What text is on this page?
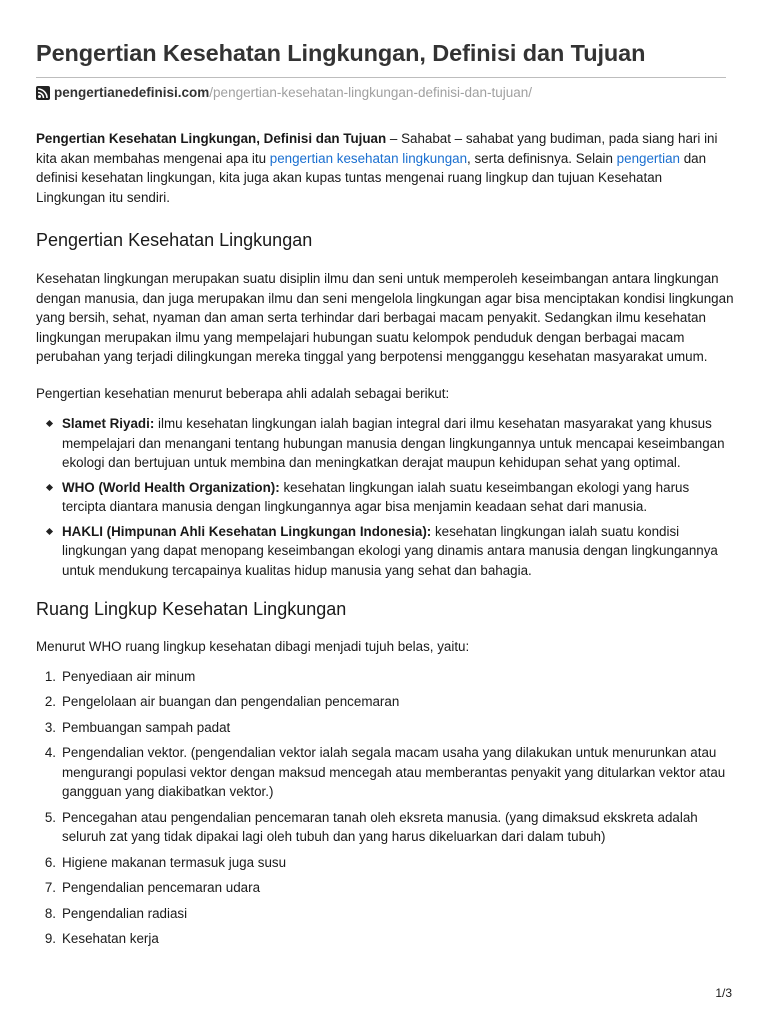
Pengertian Kesehatan Lingkungan, Definisi dan Tujuan
pengertianedefinisi.com /pengertian-kesehatan-lingkungan-definisi-dan-tujuan/

Pengertian Kesehatan Lingkungan, Definisi dan Tujuan – Sahabat – sahabat yang budiman, pada siang hari ini kita akan membahas mengenai apa itu pengertian kesehatan lingkungan, serta definisnya. Selain pengertian dan definisi kesehatan lingkungan, kita juga akan kupas tuntas mengenai ruang lingkup dan tujuan Kesehatan Lingkungan itu sendiri.

Pengertian Kesehatan Lingkungan

Kesehatan lingkungan merupakan suatu disiplin ilmu dan seni untuk memperoleh keseimbangan antara lingkungan dengan manusia, dan juga merupakan ilmu dan seni mengelola lingkungan agar bisa menciptakan kondisi lingkungan yang bersih, sehat, nyaman dan aman serta terhindar dari berbagai macam penyakit. Sedangkan ilmu kesehatan lingkungan merupakan ilmu yang mempelajari hubungan suatu kelompok penduduk dengan berbagai macam perubahan yang terjadi dilingkungan mereka tinggal yang berpotensi mengganggu kesehatan masyarakat umum.

Pengertian kesehatian menurut beberapa ahli adalah sebagai berikut:

Slamet Riyadi: ilmu kesehatan lingkungan ialah bagian integral dari ilmu kesehatan masyarakat yang khusus mempelajari dan menangani tentang hubungan manusia dengan lingkungannya untuk mencapai keseimbangan ekologi dan bertujuan untuk membina dan meningkatkan derajat maupun kehidupan sehat yang optimal.
WHO (World Health Organization): kesehatan lingkungan ialah suatu keseimbangan ekologi yang harus tercipta diantara manusia dengan lingkungannya agar bisa menjamin keadaan sehat dari manusia.
HAKLI (Himpunan Ahli Kesehatan Lingkungan Indonesia): kesehatan lingkungan ialah suatu kondisi lingkungan yang dapat menopang keseimbangan ekologi yang dinamis antara manusia dengan lingkungannya untuk mendukung tercapainya kualitas hidup manusia yang sehat dan bahagia.
Ruang Lingkup Kesehatan Lingkungan

Menurut WHO ruang lingkup kesehatan dibagi menjadi tujuh belas, yaitu:

1. Penyediaan air minum
2. Pengelolaan air buangan dan pengendalian pencemaran
3. Pembuangan sampah padat
4. Pengendalian vektor. (pengendalian vektor ialah segala macam usaha yang dilakukan untuk menurunkan atau mengurangi populasi vektor dengan maksud mencegah atau memberantas penyakit yang ditularkan vektor atau gangguan yang diakibatkan vektor.)
5. Pencegahan atau pengendalian pencemaran tanah oleh eksreta manusia. (yang dimaksud ekskreta adalah seluruh zat yang tidak dipakai lagi oleh tubuh dan yang harus dikeluarkan dari dalam tubuh)
6. Higiene makanan termasuk juga susu
7. Pengendalian pencemaran udara
8. Pengendalian radiasi
9. Kesehatan kerja
1/3
